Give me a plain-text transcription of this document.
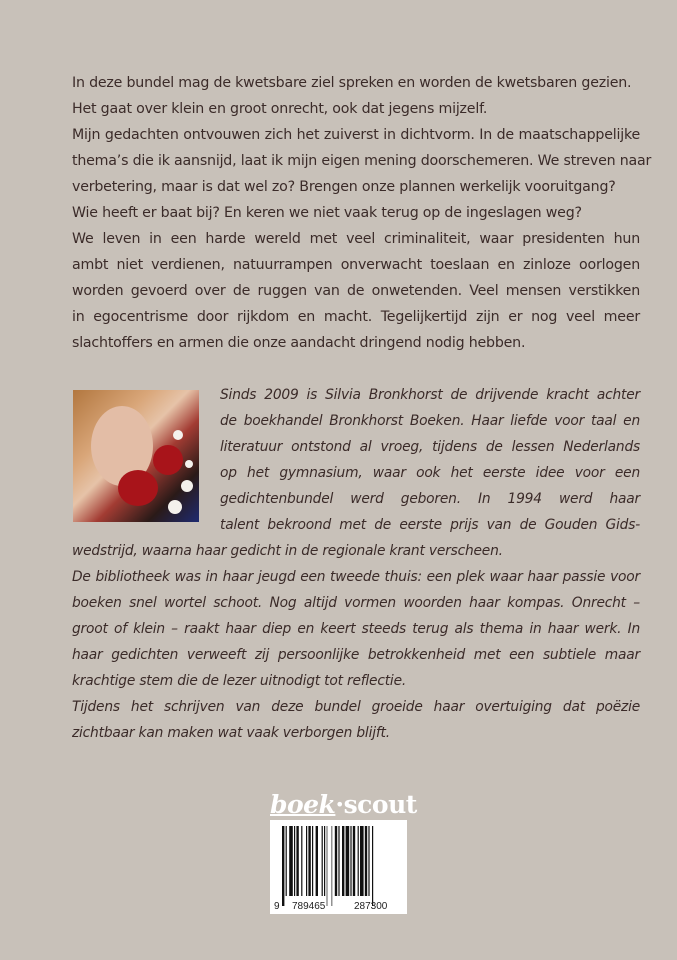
In deze bundel mag de kwetsbare ziel spreken en worden de kwetsbaren gezien.
Het gaat over klein en groot onrecht, ook dat jegens mijzelf.
Mijn gedachten ontvouwen zich het zuiverst in dichtvorm. In de maatschappelijke
thema’s die ik aansnijd, laat ik mijn eigen mening doorschemeren. We streven naar
verbetering, maar is dat wel zo? Brengen onze plannen werkelijk vooruitgang?
Wie heeft er baat bij? En keren we niet vaak terug op de ingeslagen weg?
We leven in een harde wereld met veel criminaliteit, waar presidenten hun
ambt niet verdienen, natuurrampen onverwacht toeslaan en zinloze oorlogen
worden gevoerd over de ruggen van de onwetenden. Veel mensen verstikken
in egocentrisme door rijkdom en macht. Tegelijkertijd zijn er nog veel meer
slachtoffers en armen die onze aandacht dringend nodig hebben.
Sinds 2009 is Silvia Bronkhorst de drijvende kracht achter
de boekhandel Bronkhorst Boeken. Haar liefde voor taal en
literatuur ontstond al vroeg, tijdens de lessen Nederlands
op het gymnasium, waar ook het eerste idee voor een
gedichtenbundel werd geboren. In 1994 werd haar
talent bekroond met de eerste prijs van de Gouden Gids-
wedstrijd, waarna haar gedicht in de regionale krant verscheen.
De bibliotheek was in haar jeugd een tweede thuis: een plek waar haar passie voor
boeken snel wortel schoot. Nog altijd vormen woorden haar kompas. Onrecht –
groot of klein – raakt haar diep en keert steeds terug als thema in haar werk. In
haar gedichten verweeft zij persoonlijke betrokkenheid met een subtiele maar
krachtige stem die de lezer uitnodigt tot reflectie.
Tijdens het schrijven van deze bundel groeide haar overtuiging dat poëzie
zichtbaar kan maken wat vaak verborgen blijft.
boek·scout
9 789465	287300
